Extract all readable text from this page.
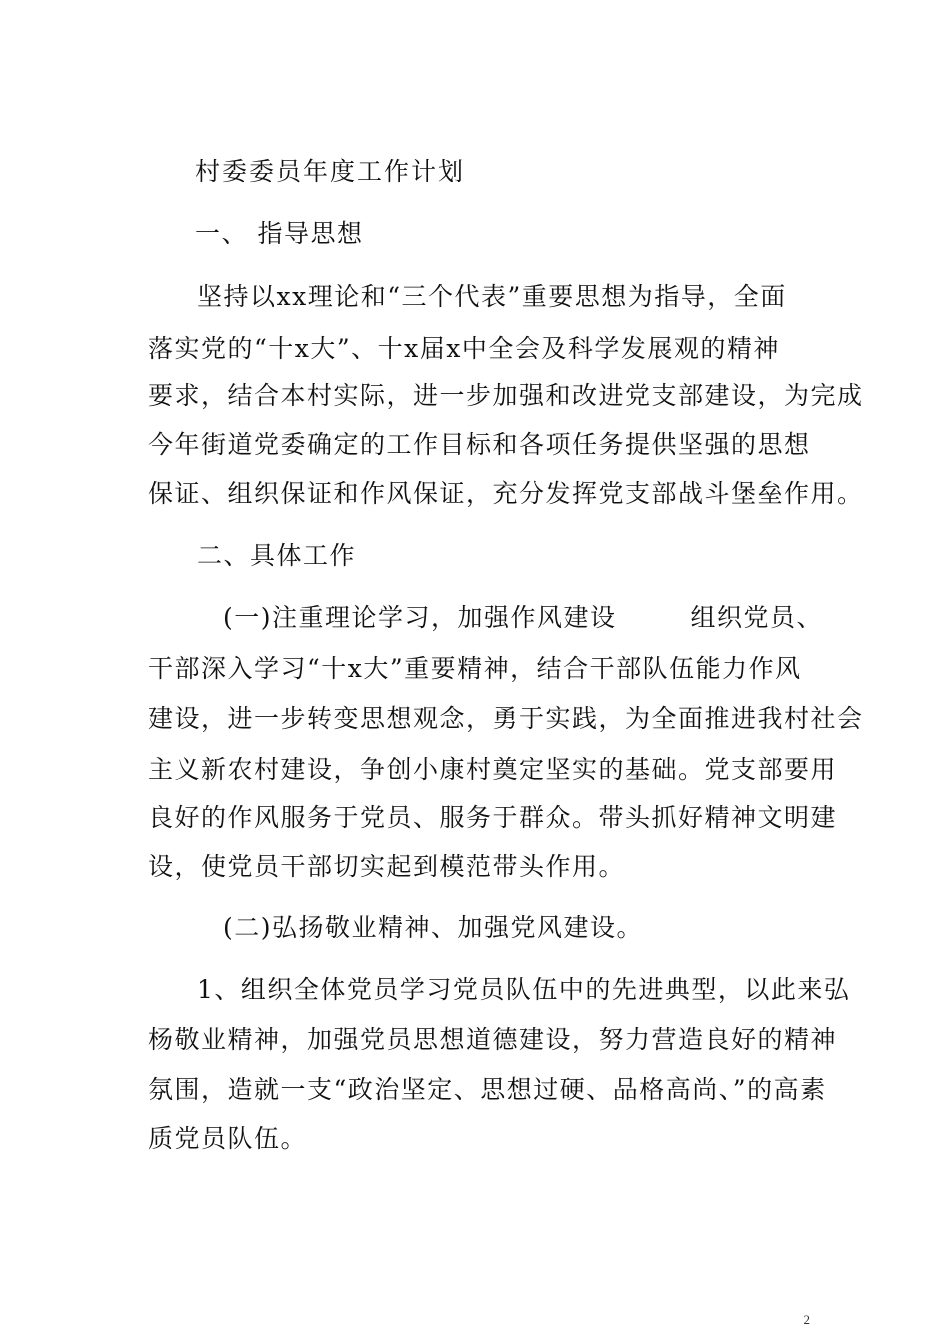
村委委员年度工作计划
一、 指导思想
坚持以xx理论和“三个代表”重要思想为指导，全面
落实党的“十x大”、十x届x中全会及科学发展观的精神
要求，结合本村实际，进一步加强和改进党支部建设，为完成
今年街道党委确定的工作目标和各项任务提供坚强的思想
保证、组织保证和作风保证，充分发挥党支部战斗堡垒作用。
二、具体工作
(一)注重理论学习，加强作风建设	组织党员、
干部深入学习“十x大”重要精神，结合干部队伍能力作风
建设，进一步转变思想观念，勇于实践，为全面推进我村社会
主义新农村建设，争创小康村奠定坚实的基础。党支部要用
良好的作风服务于党员、服务于群众。带头抓好精神文明建
设，使党员干部切实起到模范带头作用。
(二)弘扬敬业精神、加强党风建设。
1、组织全体党员学习党员队伍中的先进典型，以此来弘
杨敬业精神，加强党员思想道德建设，努力营造良好的精神
氛围，造就一支“政治坚定、思想过硬、品格高尚、”的高素
质党员队伍。
2
